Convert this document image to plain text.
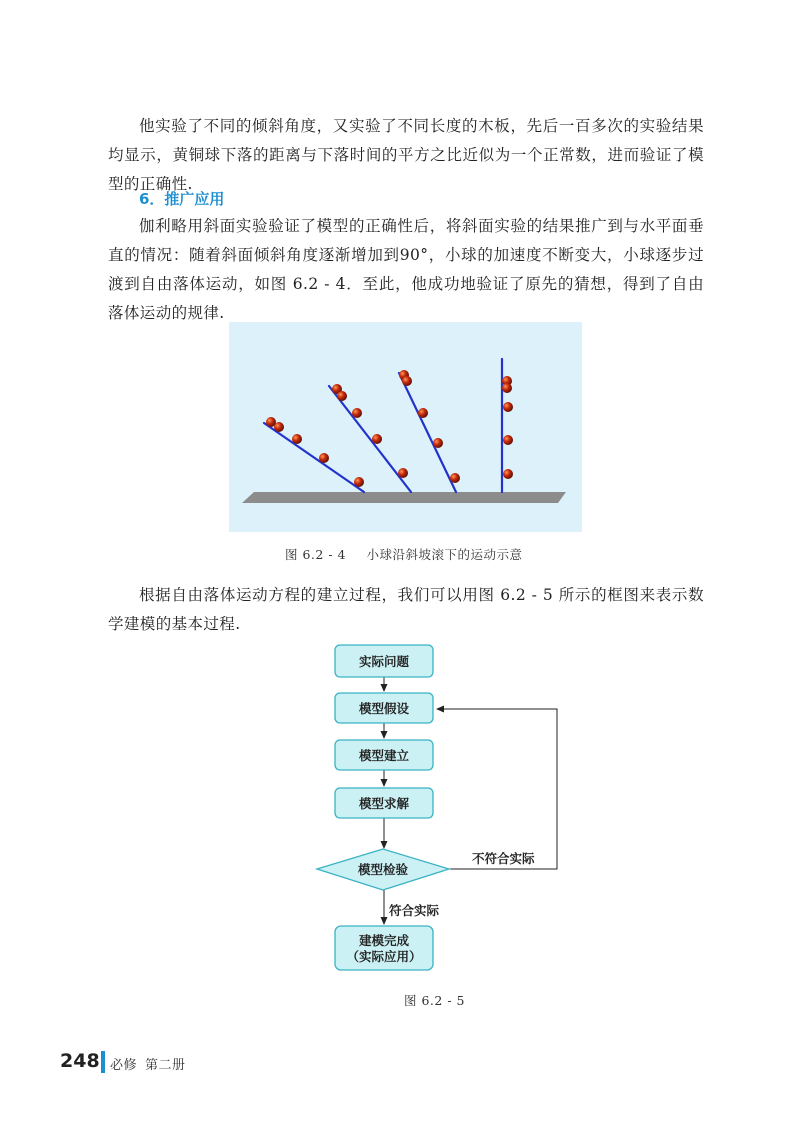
他实验了不同的倾斜角度，又实验了不同长度的木板，先后一百多次的实验结果均显示，黄铜球下落的距离与下落时间的平方之比近似为一个正常数，进而验证了模型的正确性.

6．推广应用

伽利略用斜面实验验证了模型的正确性后，将斜面实验的结果推广到与水平面垂直的情况：随着斜面倾斜角度逐渐增加到90°，小球的加速度不断变大，小球逐步过渡到自由落体运动，如图 6.2 - 4．至此，他成功地验证了原先的猜想，得到了自由落体运动的规律.

图 6.2 - 4 小球沿斜坡滚下的运动示意

根据自由落体运动方程的建立过程，我们可以用图 6.2 - 5 所示的框图来表示数学建模的基本过程.

实际问题
模型假设
模型建立
模型求解
模型检验
建模完成
（实际应用）
不符合实际
符合实际
图 6.2 - 5
248 必修 第二册
